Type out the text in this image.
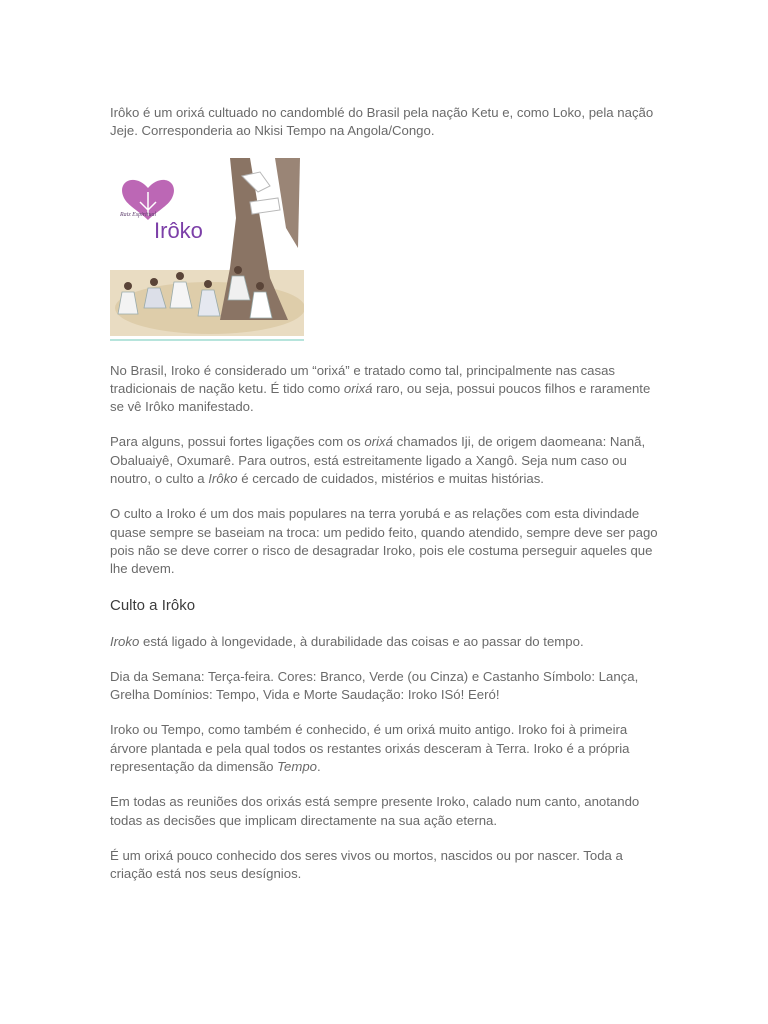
Irôko é um orixá cultuado no candomblé do Brasil pela nação Ketu e, como Loko, pela nação Jeje. Corresponderia ao Nkisi Tempo na Angola/Congo.

Raiz Espiritual
Irôko

No Brasil, Iroko é considerado um “orixá” e tratado como tal, principalmente nas casas tradicionais de nação ketu. É tido como orixá raro, ou seja, possui poucos filhos e raramente se vê Irôko manifestado.

Para alguns, possui fortes ligações com os orixá chamados Iji, de origem daomeana: Nanã, Obaluaiyê, Oxumarê. Para outros, está estreitamente ligado a Xangô. Seja num caso ou noutro, o culto a Irôko é cercado de cuidados, mistérios e muitas histórias.

O culto a Iroko é um dos mais populares na terra yorubá e as relações com esta divindade quase sempre se baseiam na troca: um pedido feito, quando atendido, sempre deve ser pago pois não se deve correr o risco de desagradar Iroko, pois ele costuma perseguir aqueles que lhe devem.

Culto a Irôko

Iroko está ligado à longevidade, à durabilidade das coisas e ao passar do tempo.

Dia da Semana: Terça-feira. Cores: Branco, Verde (ou Cinza) e Castanho Símbolo: Lança, Grelha Domínios: Tempo, Vida e Morte Saudação: Iroko ISó! Eeró!

Iroko ou Tempo, como também é conhecido, é um orixá muito antigo. Iroko foi à primeira árvore plantada e pela qual todos os restantes orixás desceram à Terra. Iroko é a própria representação da dimensão Tempo.

Em todas as reuniões dos orixás está sempre presente Iroko, calado num canto, anotando todas as decisões que implicam directamente na sua ação eterna.

É um orixá pouco conhecido dos seres vivos ou mortos, nascidos ou por nascer. Toda a criação está nos seus desígnios.
